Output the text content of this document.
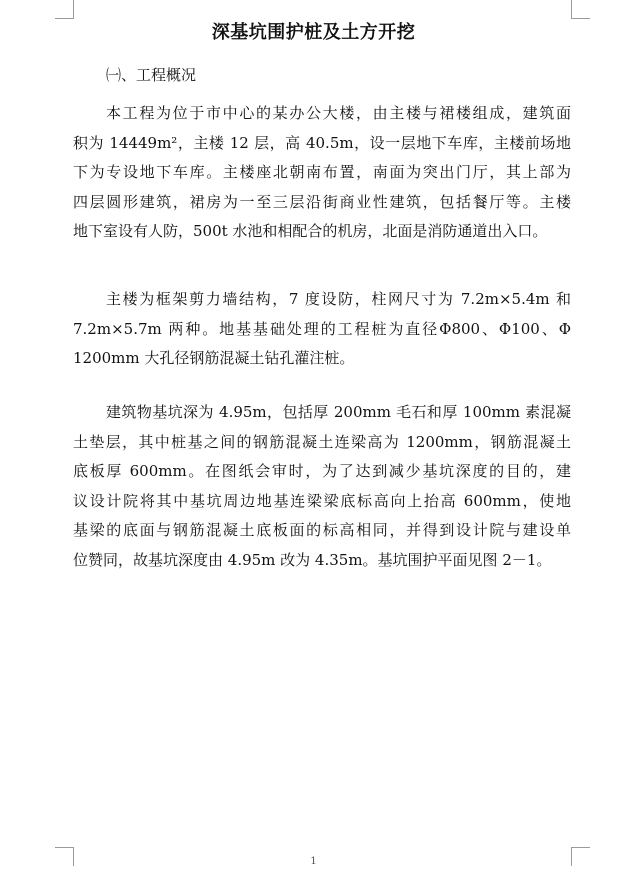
深基坑围护桩及土方开挖
㈠、工程概况
本工程为位于市中心的某办公大楼，由主楼与裙楼组成，建筑面
积为 14449m²，主楼 12 层，高 40.5m，设一层地下车库，主楼前场地
下为专设地下车库。主楼座北朝南布置，南面为突出门厅，其上部为
四层圆形建筑，裙房为一至三层沿街商业性建筑，包括餐厅等。主楼
地下室设有人防，500t 水池和相配合的机房，北面是消防通道出入口。
主楼为框架剪力墙结构，7 度设防，柱网尺寸为 7.2m×5.4m 和
7.2m×5.7m 两种。地基基础处理的工程桩为直径Φ800、Φ100、Φ
1200mm 大孔径钢筋混凝土钻孔灌注桩。
建筑物基坑深为 4.95m，包括厚 200mm 毛石和厚 100mm 素混凝
土垫层，其中桩基之间的钢筋混凝土连梁高为 1200mm，钢筋混凝土
底板厚 600mm。在图纸会审时，为了达到减少基坑深度的目的，建
议设计院将其中基坑周边地基连梁梁底标高向上抬高 600mm，使地
基梁的底面与钢筋混凝土底板面的标高相同，并得到设计院与建设单
位赞同，故基坑深度由 4.95m 改为 4.35m。基坑围护平面见图 2－1。
1
